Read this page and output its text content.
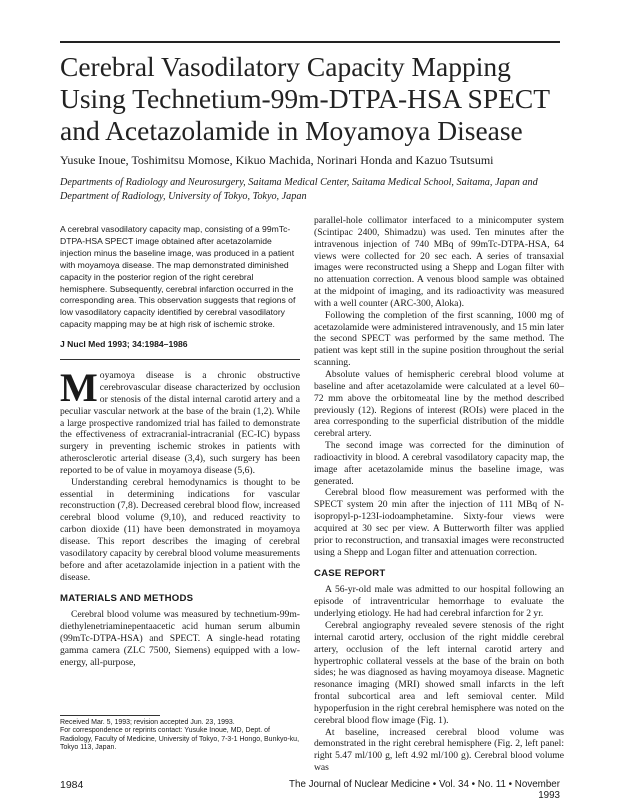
Cerebral Vasodilatory Capacity Mapping Using Technetium-99m-DTPA-HSA SPECT and Acetazolamide in Moyamoya Disease
Yusuke Inoue, Toshimitsu Momose, Kikuo Machida, Norinari Honda and Kazuo Tsutsumi
Departments of Radiology and Neurosurgery, Saitama Medical Center, Saitama Medical School, Saitama, Japan and Department of Radiology, University of Tokyo, Tokyo, Japan

A cerebral vasodilatory capacity map, consisting of a 99mTc-DTPA-HSA SPECT image obtained after acetazolamide injection minus the baseline image, was produced in a patient with moyamoya disease. The map demonstrated diminished capacity in the posterior region of the right cerebral hemisphere. Subsequently, cerebral infarction occurred in the corresponding area. This observation suggests that regions of low vasodilatory capacity identified by cerebral vasodilatory capacity mapping may be at high risk of ischemic stroke.

J Nucl Med 1993; 34:1984–1986

Moyamoya disease is a chronic obstructive cerebrovascular disease characterized by occlusion or stenosis of the distal internal carotid artery and a peculiar vascular network at the base of the brain (1,2). While a large prospective randomized trial has failed to demonstrate the effectiveness of extracranial-intracranial (EC-IC) bypass surgery in preventing ischemic strokes in patients with atherosclerotic arterial disease (3,4), such surgery has been reported to be of value in moyamoya disease (5,6).

Understanding cerebral hemodynamics is thought to be essential in determining indications for vascular reconstruction (7,8). Decreased cerebral blood flow, increased cerebral blood volume (9,10), and reduced reactivity to carbon dioxide (11) have been demonstrated in moyamoya disease. This report describes the imaging of cerebral vasodilatory capacity by cerebral blood volume measurements before and after acetazolamide injection in a patient with the disease.

MATERIALS AND METHODS

Cerebral blood volume was measured by technetium-99m-diethylenetriaminepentaacetic acid human serum albumin (99mTc-DTPA-HSA) and SPECT. A single-head rotating gamma camera (ZLC 7500, Siemens) equipped with a low-energy, all-purpose,

parallel-hole collimator interfaced to a minicomputer system (Scintipac 2400, Shimadzu) was used. Ten minutes after the intravenous injection of 740 MBq of 99mTc-DTPA-HSA, 64 views were collected for 20 sec each. A series of transaxial images were reconstructed using a Shepp and Logan filter with no attenuation correction. A venous blood sample was obtained at the midpoint of imaging, and its radioactivity was measured with a well counter (ARC-300, Aloka).

Following the completion of the first scanning, 1000 mg of acetazolamide were administered intravenously, and 15 min later the second SPECT was performed by the same method. The patient was kept still in the supine position throughout the serial scanning.

Absolute values of hemispheric cerebral blood volume at baseline and after acetazolamide were calculated at a level 60–72 mm above the orbitomeatal line by the method described previously (12). Regions of interest (ROIs) were placed in the area corresponding to the superficial distribution of the middle cerebral artery.

The second image was corrected for the diminution of radioactivity in blood. A cerebral vasodilatory capacity map, the image after acetazolamide minus the baseline image, was generated.

Cerebral blood flow measurement was performed with the SPECT system 20 min after the injection of 111 MBq of N-isopropyl-p-123I-iodoamphetamine. Sixty-four views were acquired at 30 sec per view. A Butterworth filter was applied prior to reconstruction, and transaxial images were reconstructed using a Shepp and Logan filter and attenuation correction.

CASE REPORT

A 56-yr-old male was admitted to our hospital following an episode of intraventricular hemorrhage to evaluate the underlying etiology. He had had cerebral infarction for 2 yr.

Cerebral angiography revealed severe stenosis of the right internal carotid artery, occlusion of the right middle cerebral artery, occlusion of the left internal carotid artery and hypertrophic collateral vessels at the base of the brain on both sides; he was diagnosed as having moyamoya disease. Magnetic resonance imaging (MRI) showed small infarcts in the left frontal subcortical area and left semioval center. Mild hypoperfusion in the right cerebral hemisphere was noted on the cerebral blood flow image (Fig. 1).

At baseline, increased cerebral blood volume was demonstrated in the right cerebral hemisphere (Fig. 2, left panel: right 5.47 ml/100 g, left 4.92 ml/100 g). Cerebral blood volume was

Received Mar. 5, 1993; revision accepted Jun. 23, 1993.
For correspondence or reprints contact: Yusuke Inoue, MD, Dept. of Radiology, Faculty of Medicine, University of Tokyo, 7-3-1 Hongo, Bunkyo-ku, Tokyo 113, Japan.
1984	The Journal of Nuclear Medicine • Vol. 34 • No. 11 • November 1993
